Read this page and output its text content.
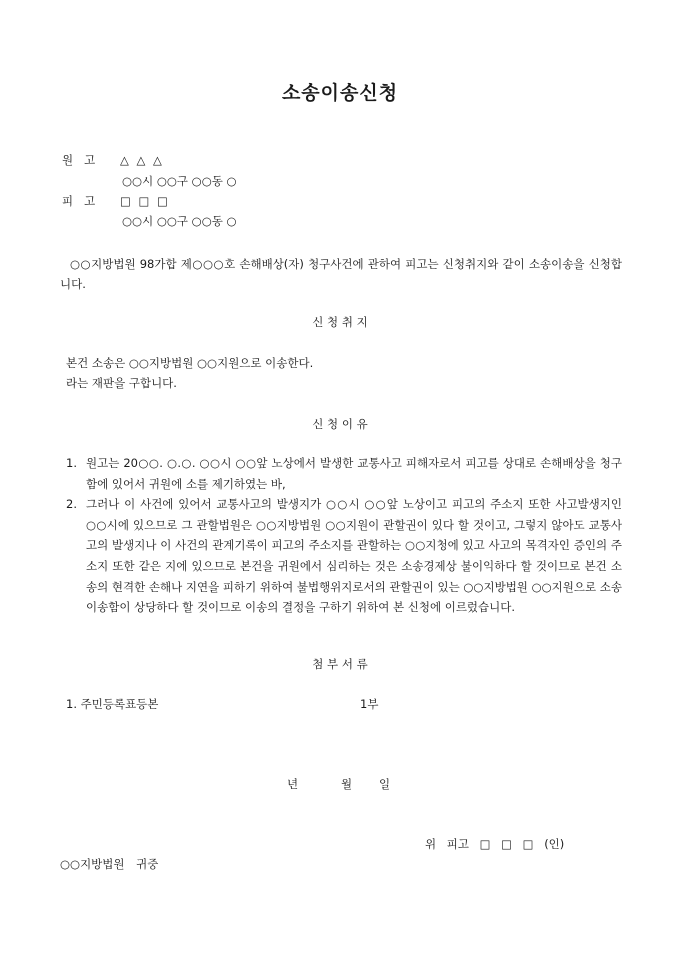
소송이송신청
원   고 △ △ △
○○시 ○○구 ○○동 ○
피   고 □ □ □
○○시 ○○구 ○○동 ○
○○지방법원 98가합 제○○○호 손해배상(자) 청구사건에 관하여 피고는 신청취지와 같이 소송이송을 신청합니다.
신 청 취 지
본건 소송은 ○○지방법원 ○○지원으로 이송한다.
라는 재판을 구합니다.
신 청 이 유
1. 원고는 20○○. ○.○. ○○시 ○○앞 노상에서 발생한 교통사고 피해자로서 피고를 상대로 손해배상을 청구함에 있어서 귀원에 소를 제기하였는 바,
2. 그러나 이 사건에 있어서 교통사고의 발생지가 ○○시 ○○앞 노상이고 피고의 주소지 또한 사고발생지인 ○○시에 있으므로 그 관할법원은 ○○지방법원 ○○지원이 관할권이 있다 할 것이고, 그렇지 않아도 교통사고의 발생지나 이 사건의 관계기록이 피고의 주소지를 관할하는 ○○지청에 있고 사고의 목격자인 증인의 주소지 또한 같은 지에 있으므로 본건을 귀원에서 심리하는 것은 소송경제상 불이익하다 할 것이므로 본건 소송의 현격한 손해나 지연을 피하기 위하여 불법행위지로서의 관할권이 있는 ○○지방법원 ○○지원으로 소송이송함이 상당하다 할 것이므로 이송의 결정을 구하기 위하여 본 신청에 이르렀습니다.
첨 부 서 류
1. 주민등록표등본	1부
년	월 일
위 피고 □ □ □ (인)
○○지방법원 귀중
